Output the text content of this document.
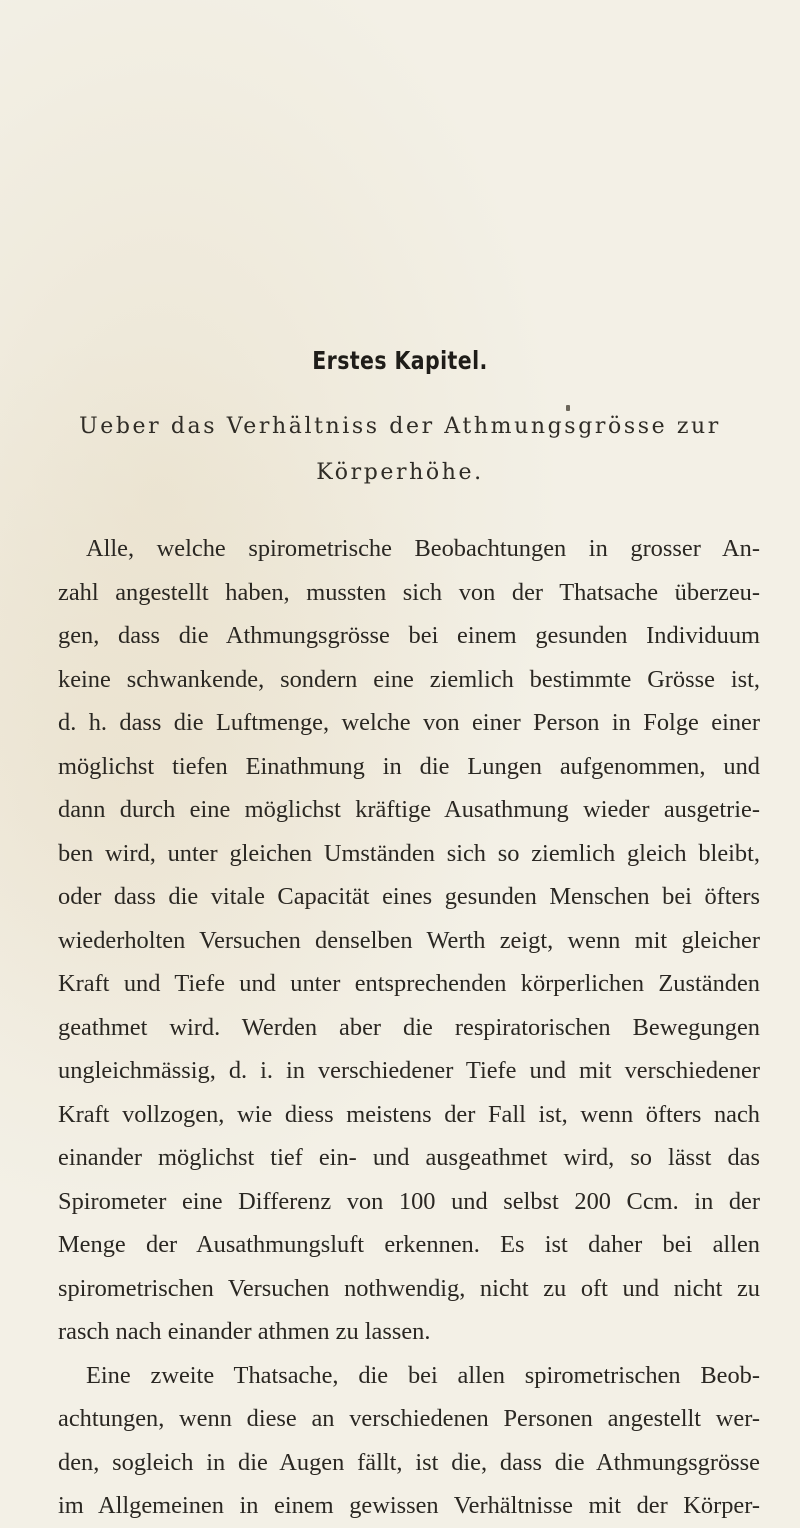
Erstes Kapitel.
Ueber das Verhältniss der Athmungsgrösse zur
Körperhöhe.
Alle, welche spirometrische Beobachtungen in grosser An-
zahl angestellt haben, mussten sich von der Thatsache überzeu-
gen, dass die Athmungsgrösse bei einem gesunden Individuum
keine schwankende, sondern eine ziemlich bestimmte Grösse ist,
d. h. dass die Luftmenge, welche von einer Person in Folge einer
möglichst tiefen Einathmung in die Lungen aufgenommen, und
dann durch eine möglichst kräftige Ausathmung wieder ausgetrie-
ben wird, unter gleichen Umständen sich so ziemlich gleich bleibt,
oder dass die vitale Capacität eines gesunden Menschen bei öfters
wiederholten Versuchen denselben Werth zeigt, wenn mit gleicher
Kraft und Tiefe und unter entsprechenden körperlichen Zuständen
geathmet wird. Werden aber die respiratorischen Bewegungen
ungleichmässig, d. i. in verschiedener Tiefe und mit verschiedener
Kraft vollzogen, wie diess meistens der Fall ist, wenn öfters nach
einander möglichst tief ein- und ausgeathmet wird, so lässt das
Spirometer eine Differenz von 100 und selbst 200 Ccm. in der
Menge der Ausathmungsluft erkennen. Es ist daher bei allen
spirometrischen Versuchen nothwendig, nicht zu oft und nicht zu
rasch nach einander athmen zu lassen.
Eine zweite Thatsache, die bei allen spirometrischen Beob-
achtungen, wenn diese an verschiedenen Personen angestellt wer-
den, sogleich in die Augen fällt, ist die, dass die Athmungsgrösse
im Allgemeinen in einem gewissen Verhältnisse mit der Körper-
